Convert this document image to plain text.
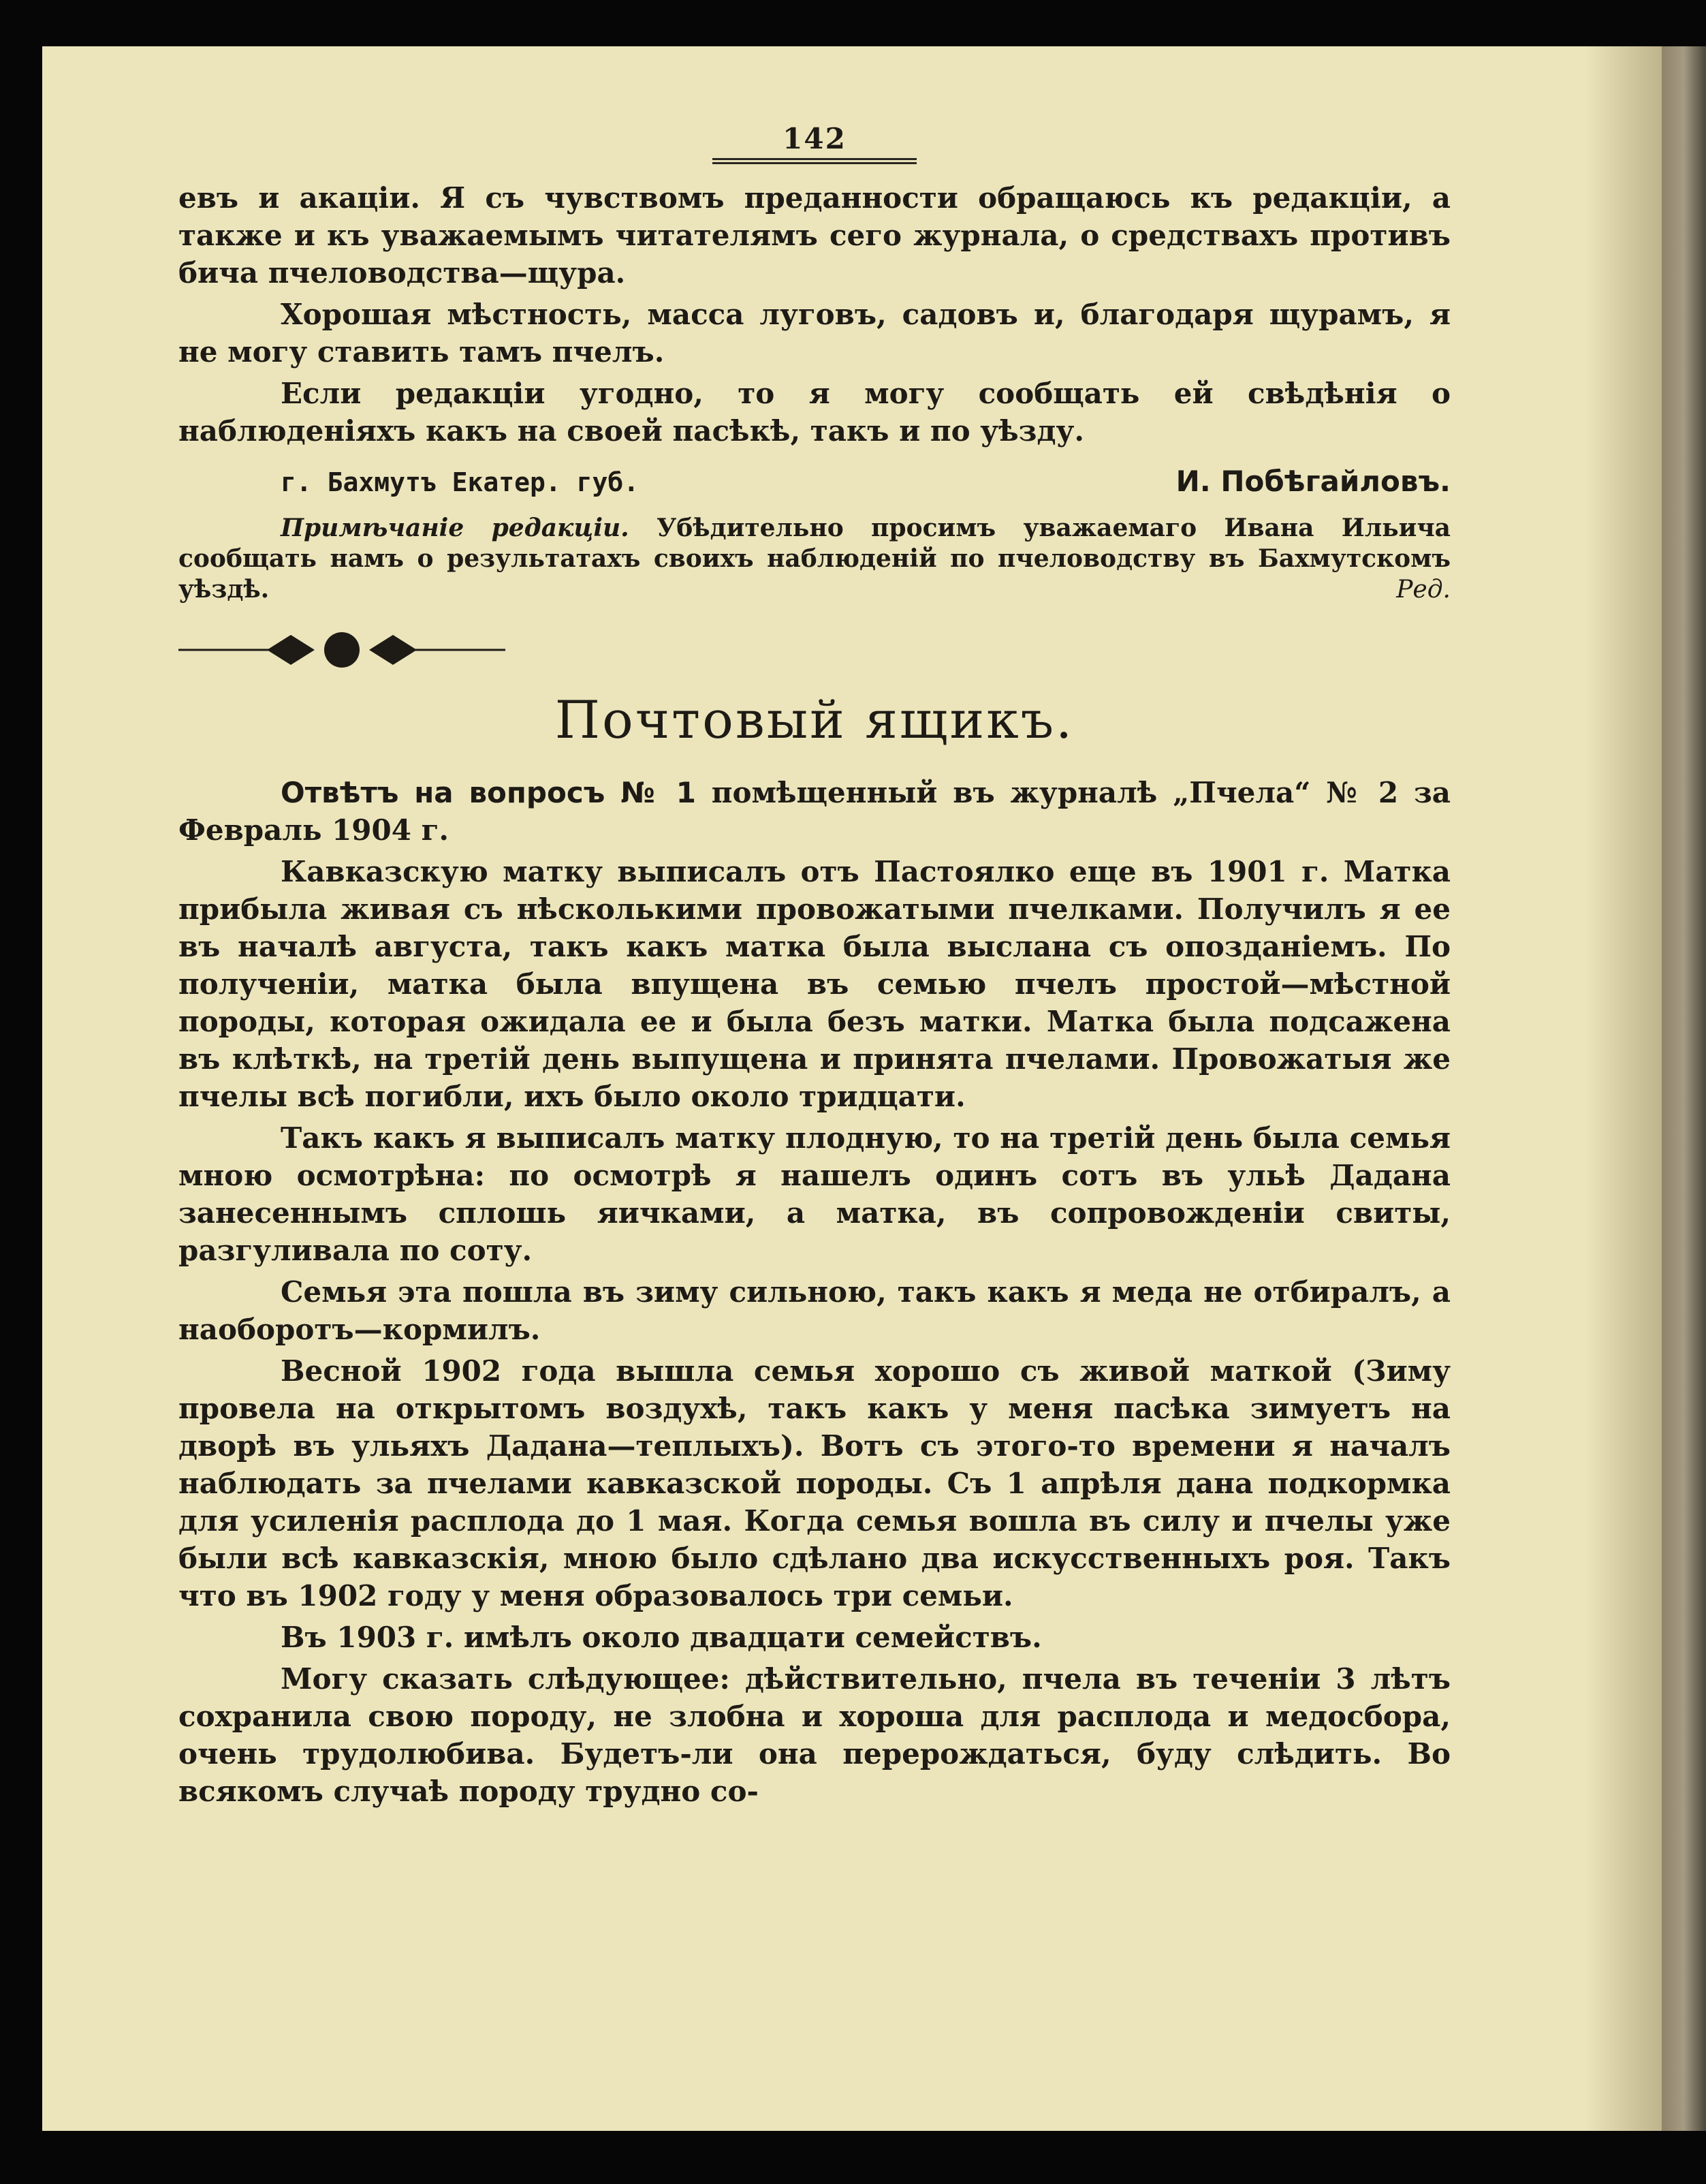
142

евъ и акацiи. Я съ чувствомъ преданности обращаюсь къ редакцiи, а также и къ уважаемымъ читателямъ сего журнала, о средствахъ противъ бича пчеловодства—щура.

Хорошая мѣстность, масса луговъ, садовъ и, благодаря щурамъ, я не могу ставить тамъ пчелъ.

Если редакцiи угодно, то я могу сообщать ей свѣдѣнiя о наблюденiяхъ какъ на своей пасѣкѣ, такъ и по уѣзду.

г. Бахмутъ Екатер. губ.	И. Побѣгайловъ.
Примѣчанiе редакцiи. Убѣдительно просимъ уважаемаго Ивана Ильича сообщать намъ о результатахъ своихъ наблюденiй по пчеловодству въ Бахмутскомъ уѣздѣ.	Ред.
Почтовый ящикъ.

Отвѣтъ на вопросъ № 1 помѣщенный въ журналѣ „Пчела“ № 2 за Февраль 1904 г.

Кавказскую матку выписалъ отъ Пастоялко еще въ 1901 г. Матка прибыла живая съ нѣсколькими провожатыми пчелками. Получилъ я ее въ началѣ августа, такъ какъ матка была выслана съ опозданiемъ. По полученiи, матка была впущена въ семью пчелъ простой—мѣстной породы, которая ожидала ее и была безъ матки. Матка была подсажена въ клѣткѣ, на третiй день выпущена и принята пчелами. Провожатыя же пчелы всѣ погибли, ихъ было около тридцати.

Такъ какъ я выписалъ матку плодную, то на третiй день была семья мною осмотрѣна: по осмотрѣ я нашелъ одинъ сотъ въ ульѣ Дадана занесеннымъ сплошь яичками, а матка, въ сопровожденiи свиты, разгуливала по соту.

Семья эта пошла въ зиму сильною, такъ какъ я меда не отбиралъ, а наоборотъ—кормилъ.

Весной 1902 года вышла семья хорошо съ живой маткой (Зиму провела на открытомъ воздухѣ, такъ какъ у меня пасѣка зимуетъ на дворѣ въ ульяхъ Дадана—теплыхъ). Вотъ съ этого-то времени я началъ наблюдать за пчелами кавказской породы. Съ 1 апрѣля дана подкормка для усиленiя расплода до 1 мая. Когда семья вошла въ силу и пчелы уже были всѣ кавказскiя, мною было сдѣлано два искусственныхъ роя. Такъ что въ 1902 году у меня образовалось три семьи.

Въ 1903 г. имѣлъ около двадцати семействъ.

Могу сказать слѣдующее: дѣйствительно, пчела въ теченiи 3 лѣтъ сохранила свою породу, не злобна и хороша для расплода и медосбора, очень трудолюбива. Будетъ-ли она перерождаться, буду слѣдить. Во всякомъ случаѣ породу трудно со-
